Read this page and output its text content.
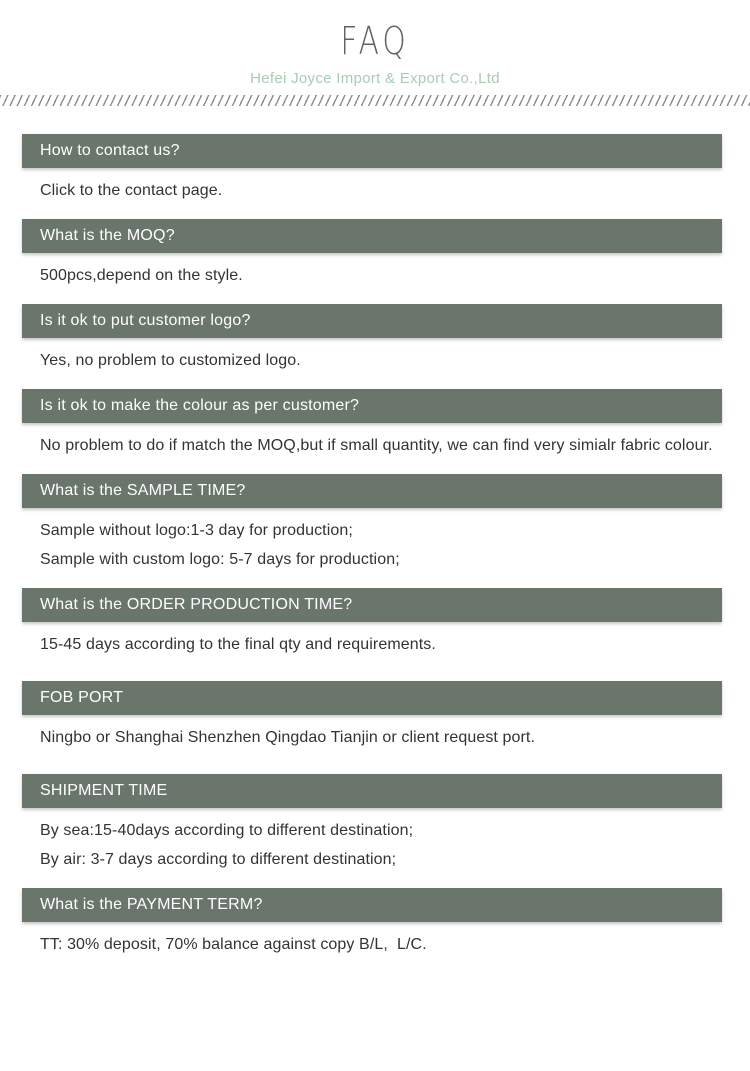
FAQ
Hefei Joyce Import & Export Co.,Ltd
How to contact us?

Click to the contact page.

What is the MOQ?

500pcs,depend on the style.

Is it ok to put customer logo?

Yes, no problem to customized logo.

Is it ok to make the colour as per customer?

No problem to do if match the MOQ,but if small quantity, we can find very simialr fabric colour.

What is the SAMPLE TIME?

Sample without logo:1-3 day for production;

Sample with custom logo: 5-7 days for production;

What is the ORDER PRODUCTION TIME?

15-45 days according to the final qty and requirements.

FOB PORT

Ningbo or Shanghai Shenzhen Qingdao Tianjin or client request port.

SHIPMENT TIME

By sea:15-40days according to different destination;

By air: 3-7 days according to different destination;

What is the PAYMENT TERM?

TT: 30% deposit, 70% balance against copy B/L,  L/C.
